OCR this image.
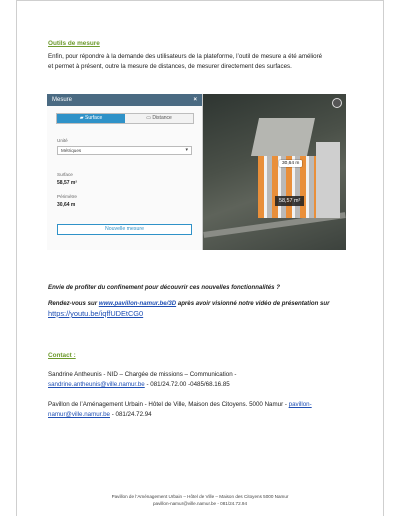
Outils de mesure
Enfin, pour répondre à la demande des utilisateurs de la plateforme, l’outil de mesure a été amélioré
et permet à présent, outre la mesure de distances, de mesurer directement des surfaces.
Mesure	×
▰ Surface	▭ Distance
Unité
Métriques	▾
Surface
58,57 m²
Périmètre
30,64 m
Nouvelle mesure
30,64 m
58,57 m²
Envie de profiter du confinement pour découvrir ces nouvelles fonctionnalités ?
Rendez-vous sur www.pavillon-namur.be/3D après avoir visionné notre vidéo de présentation sur
https://youtu.be/iqffUDEtCG0
Contact :
Sandrine Antheunis - NID – Chargée de missions – Communication -
sandrine.antheunis@ville.namur.be - 081/24.72.00 -0485/68.16.85
Pavillon de l’Aménagement Urbain - Hôtel de Ville, Maison des Citoyens. 5000 Namur - pavillon-
namur@ville.namur.be - 081/24.72.94
Pavillon de l’Aménagement Urbain – Hôtel de Ville – Maison des Citoyens 5000 Namur
pavillon-namur@ville.namur.be - 081/24.72.94
